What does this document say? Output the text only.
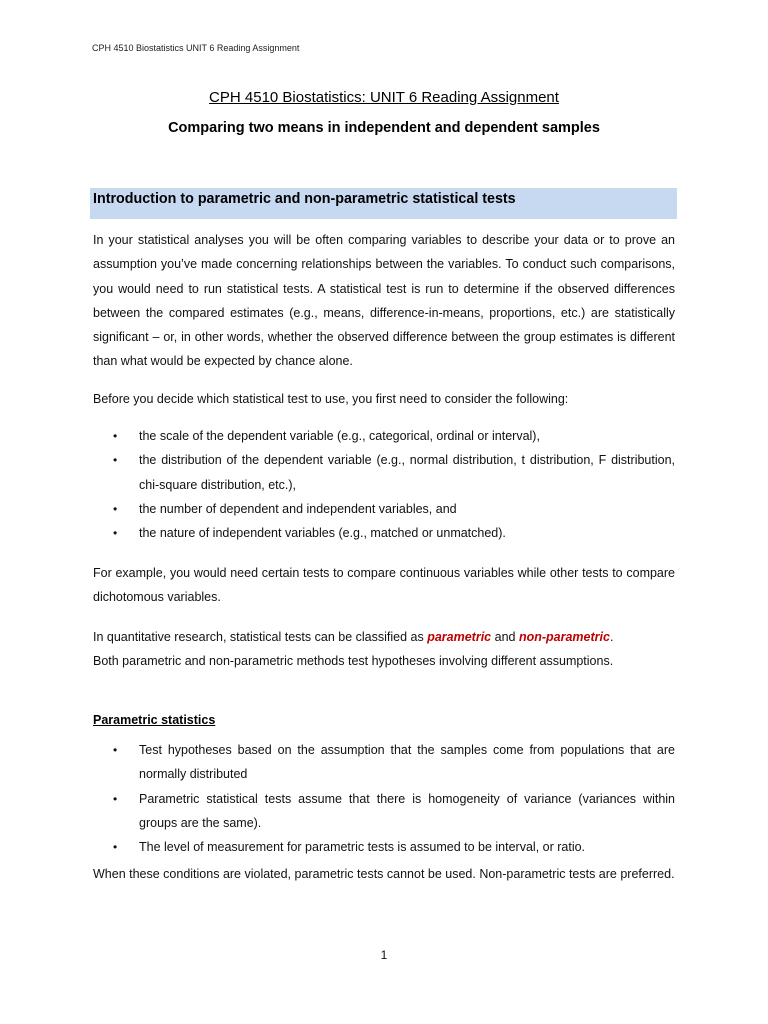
CPH 4510 Biostatistics UNIT 6 Reading Assignment
CPH 4510 Biostatistics: UNIT 6 Reading Assignment
Comparing two means in independent and dependent samples
Introduction to parametric and non-parametric statistical tests
In your statistical analyses you will be often comparing variables to describe your data or to prove an assumption you’ve made concerning relationships between the variables. To conduct such comparisons, you would need to run statistical tests. A statistical test is run to determine if the observed differences between the compared estimates (e.g., means, difference-in-means, proportions, etc.) are statistically significant – or, in other words, whether the observed difference between the group estimates is different than what would be expected by chance alone.
Before you decide which statistical test to use, you first need to consider the following:
• the scale of the dependent variable (e.g., categorical, ordinal or interval),
• the distribution of the dependent variable (e.g., normal distribution, t distribution, F distribution, chi-square distribution, etc.),
• the number of dependent and independent variables, and
• the nature of independent variables (e.g., matched or unmatched).
For example, you would need certain tests to compare continuous variables while other tests to compare dichotomous variables.
In quantitative research, statistical tests can be classified as parametric and non-parametric.
Both parametric and non-parametric methods test hypotheses involving different assumptions.
Parametric statistics
• Test hypotheses based on the assumption that the samples come from populations that are normally distributed
• Parametric statistical tests assume that there is homogeneity of variance (variances within groups are the same).
• The level of measurement for parametric tests is assumed to be interval, or ratio.
When these conditions are violated, parametric tests cannot be used. Non-parametric tests are preferred.
1
